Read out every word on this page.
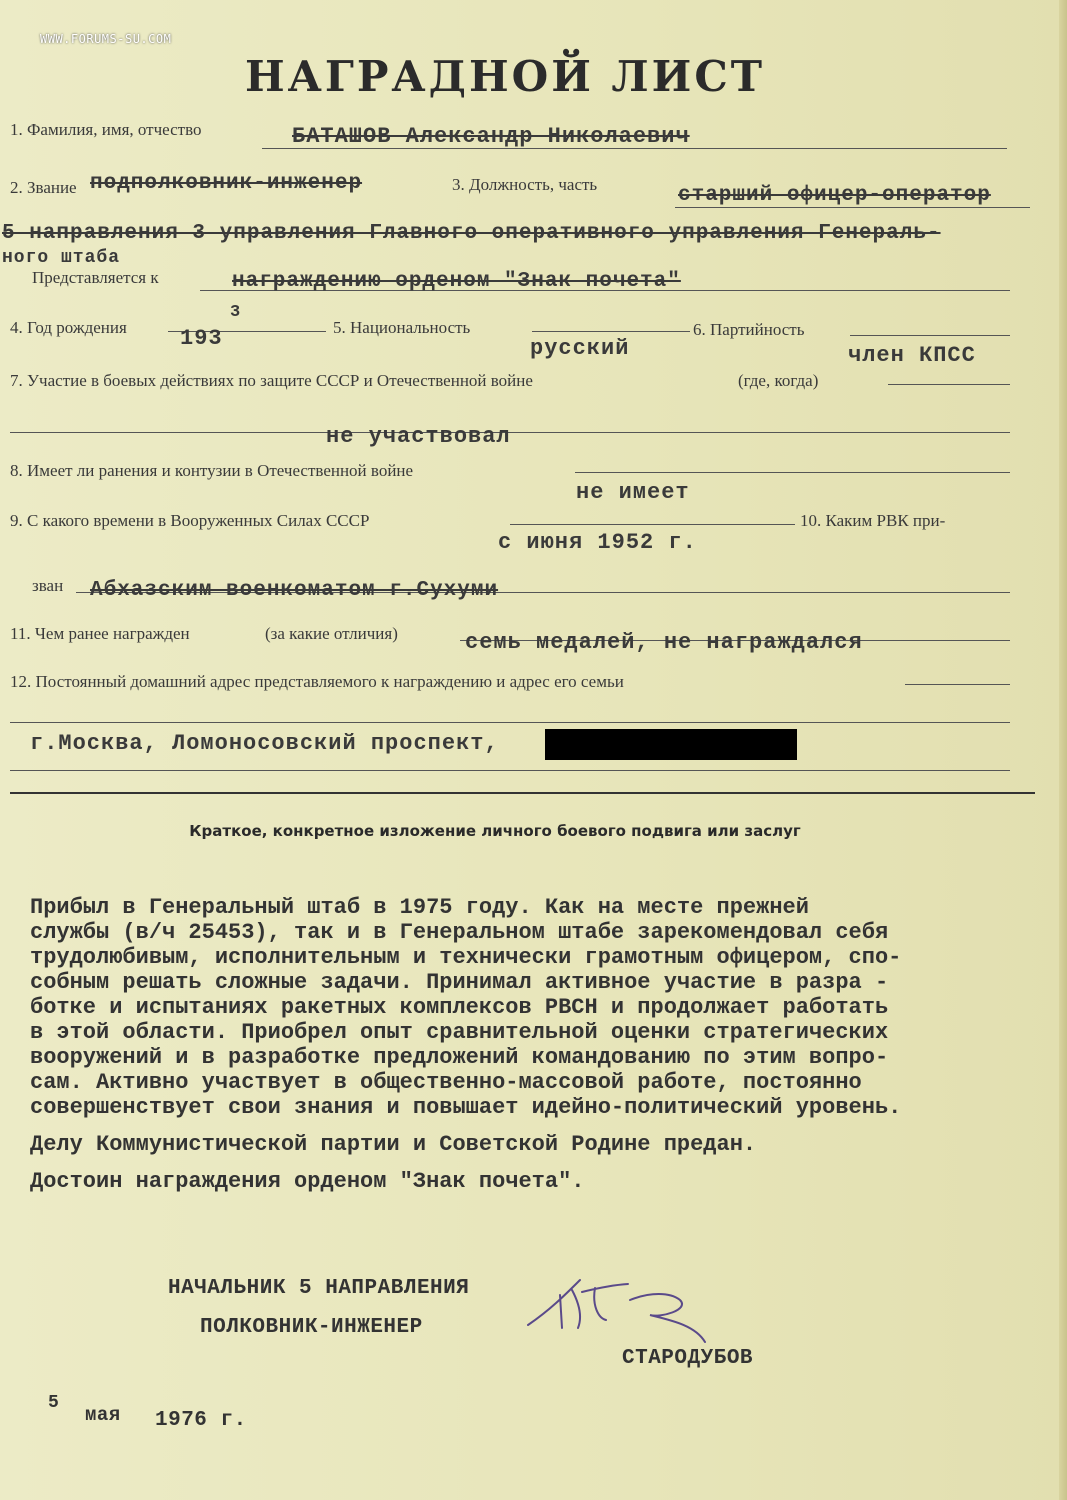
WWW.FORUMS-SU.COM
НАГРАДНОЙ ЛИСТ
1. Фамилия, имя, отчество	БАТАШОВ Александр Николаевич
2. Звание подполковник-инженер	3. Должность, часть	старший офицер-оператор
5 направления 3 управления Главного оперативного управления Генераль-
ного штаба
Представляется к	награждению орденом "Знак почета"
4. Год рождения 193
3
5. Национальность
русский
6. Партийность
член КПСС
7. Участие в боевых действиях по защите СССР и Отечественной войне	(где, когда)
не участвовал
8. Имеет ли ранения и контузии в Отечественной войне
не имеет
9. С какого времени в Вооруженных Силах СССР
с июня 1952 г.
10. Каким РВК при-
зван Абхазским военкоматом г.Сухуми
11. Чем ранее награжден	(за какие отличия)	семь медалей, не награждался
12. Постоянный домашний адрес представляемого к награждению и адрес его семьи
г.Москва, Ломоносовский проспект,
Краткое, конкретное изложение личного боевого подвига или заслуг
Прибыл в Генеральный штаб в 1975 году. Как на месте прежней
службы (в/ч 25453), так и в Генеральном штабе зарекомендовал себя
трудолюбивым, исполнительным и технически грамотным офицером, спо-
собным решать сложные задачи. Принимал активное участие в разра -
ботке и испытаниях ракетных комплексов РВСН и продолжает работать
в этой области. Приобрел опыт сравнительной оценки стратегических
вооружений и в разработке предложений командованию по этим вопро-
сам. Активно участвует в общественно-массовой работе, постоянно
совершенствует свои знания и повышает идейно-политический уровень.
Делу Коммунистической партии и Советской Родине предан.
Достоин награждения орденом "Знак почета".
НАЧАЛЬНИК 5 НАПРАВЛЕНИЯ
ПОЛКОВНИК-ИНЖЕНЕР
СТАРОДУБОВ
5
мая 1976 г.
